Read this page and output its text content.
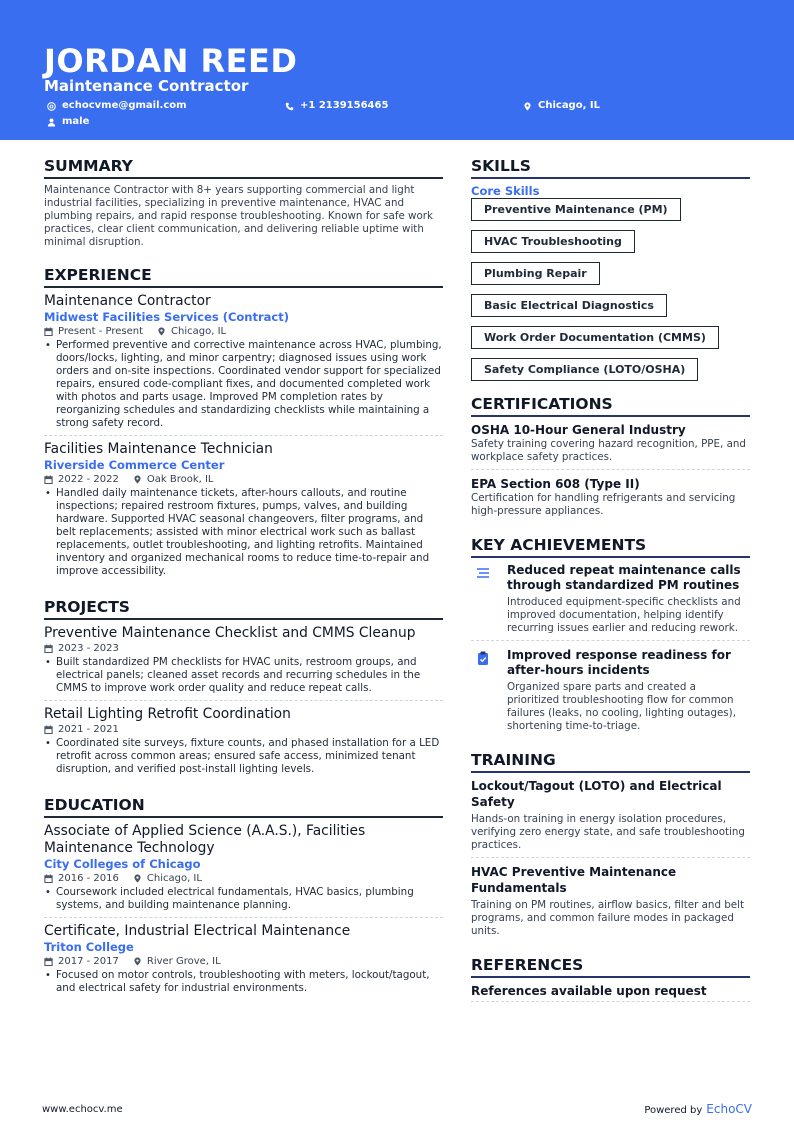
JORDAN REED
Maintenance Contractor
echocvme@gmail.com	+1 2139156465	Chicago, IL
male
SUMMARY
Maintenance Contractor with 8+ years supporting commercial and light industrial facilities, specializing in preventive maintenance, HVAC and plumbing repairs, and rapid response troubleshooting. Known for safe work practices, clear client communication, and delivering reliable uptime with minimal disruption.
EXPERIENCE
Maintenance Contractor
Midwest Facilities Services (Contract)
Present - Present	Chicago, IL
• Performed preventive and corrective maintenance across HVAC, plumbing, doors/locks, lighting, and minor carpentry; diagnosed issues using work orders and on-site inspections. Coordinated vendor support for specialized repairs, ensured code-compliant fixes, and documented completed work with photos and parts usage. Improved PM completion rates by reorganizing schedules and standardizing checklists while maintaining a strong safety record.
Facilities Maintenance Technician
Riverside Commerce Center
2022 - 2022	Oak Brook, IL
• Handled daily maintenance tickets, after-hours callouts, and routine inspections; repaired restroom fixtures, pumps, valves, and building hardware. Supported HVAC seasonal changeovers, filter programs, and belt replacements; assisted with minor electrical work such as ballast replacements, outlet troubleshooting, and lighting retrofits. Maintained inventory and organized mechanical rooms to reduce time-to-repair and improve accessibility.
PROJECTS
Preventive Maintenance Checklist and CMMS Cleanup
2023 - 2023
• Built standardized PM checklists for HVAC units, restroom groups, and electrical panels; cleaned asset records and recurring schedules in the CMMS to improve work order quality and reduce repeat calls.
Retail Lighting Retrofit Coordination
2021 - 2021
• Coordinated site surveys, fixture counts, and phased installation for a LED retrofit across common areas; ensured safe access, minimized tenant disruption, and verified post-install lighting levels.
EDUCATION
Associate of Applied Science (A.A.S.), Facilities Maintenance Technology
City Colleges of Chicago
2016 - 2016	Chicago, IL
• Coursework included electrical fundamentals, HVAC basics, plumbing systems, and building maintenance planning.
Certificate, Industrial Electrical Maintenance
Triton College
2017 - 2017	River Grove, IL
• Focused on motor controls, troubleshooting with meters, lockout/tagout, and electrical safety for industrial environments.
SKILLS
Core Skills
Preventive Maintenance (PM)
HVAC Troubleshooting
Plumbing Repair
Basic Electrical Diagnostics
Work Order Documentation (CMMS)
Safety Compliance (LOTO/OSHA)
CERTIFICATIONS
OSHA 10-Hour General Industry
Safety training covering hazard recognition, PPE, and workplace safety practices.
EPA Section 608 (Type II)
Certification for handling refrigerants and servicing high-pressure appliances.
KEY ACHIEVEMENTS
Reduced repeat maintenance calls through standardized PM routines
Introduced equipment-specific checklists and improved documentation, helping identify recurring issues earlier and reducing rework.
Improved response readiness for after-hours incidents
Organized spare parts and created a prioritized troubleshooting flow for common failures (leaks, no cooling, lighting outages), shortening time-to-triage.
TRAINING
Lockout/Tagout (LOTO) and Electrical Safety
Hands-on training in energy isolation procedures, verifying zero energy state, and safe troubleshooting practices.
HVAC Preventive Maintenance Fundamentals
Training on PM routines, airflow basics, filter and belt programs, and common failure modes in packaged units.
REFERENCES
References available upon request
www.echocv.me	Powered by EchoCV
